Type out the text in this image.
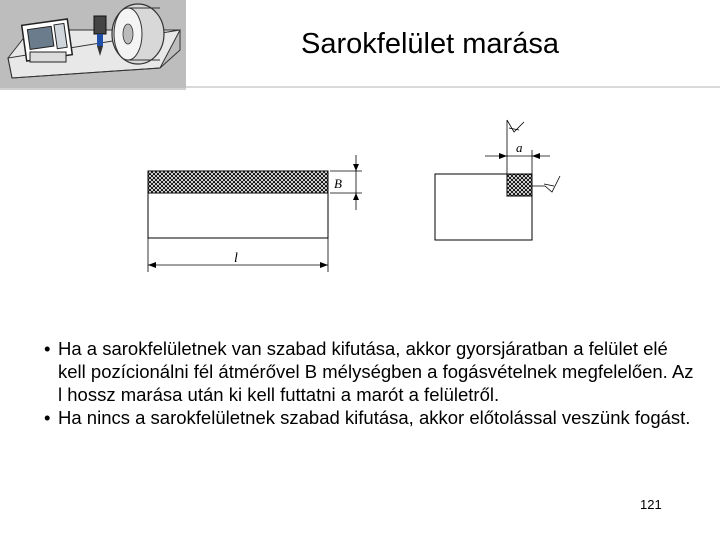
Sarokfelület marása
B
l
a
• Ha a sarokfelületnek van szabad kifutása, akkor gyorsjáratban a felület elé kell pozícionálni fél átmérővel B mélységben a fogásvételnek megfelelően. Az l hossz marása után ki kell futtatni a marót a felületről.
• Ha nincs a sarokfelületnek szabad kifutása, akkor előtolással veszünk fogást.
121
